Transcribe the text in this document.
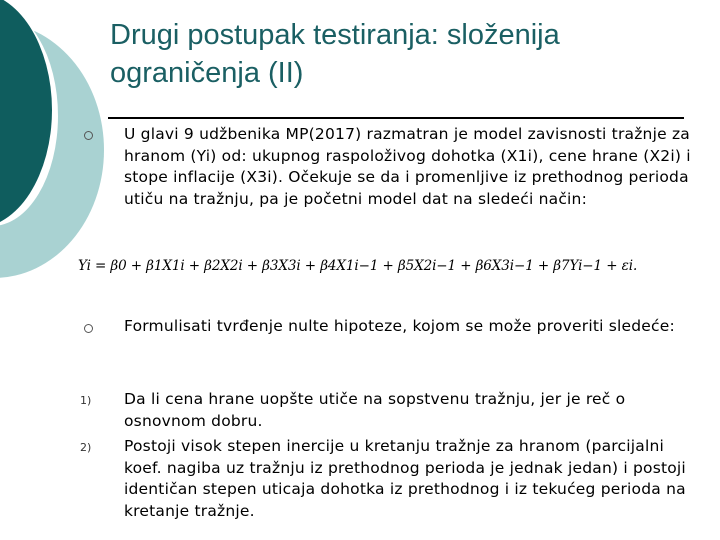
Drugi postupak testiranja: složenija
ograničenja (II)
U glavi 9 udžbenika MP(2017) razmatran je model zavisnosti tražnje za hranom (Yi) od: ukupnog raspoloživog dohotka (X1i), cene hrane (X2i) i stope inflacije (X3i). Očekuje se da i promenljive iz prethodnog perioda utiču na tražnju, pa je početni model dat na sledeći način:
Yi = β0 + β1X1i + β2X2i + β3X3i + β4X1i−1 + β5X2i−1 + β6X3i−1 + β7Yi−1 + εi.
Formulisati tvrđenje nulte hipoteze, kojom se može proveriti sledeće:
1) Da li cena hrane uopšte utiče na sopstvenu tražnju, jer je reč o osnovnom dobru.
2) Postoji visok stepen inercije u kretanju tražnje za hranom (parcijalni koef. nagiba uz tražnju iz prethodnog perioda je jednak jedan) i postoji identičan stepen uticaja dohotka iz prethodnog i iz tekućeg perioda na kretanje tražnje.
